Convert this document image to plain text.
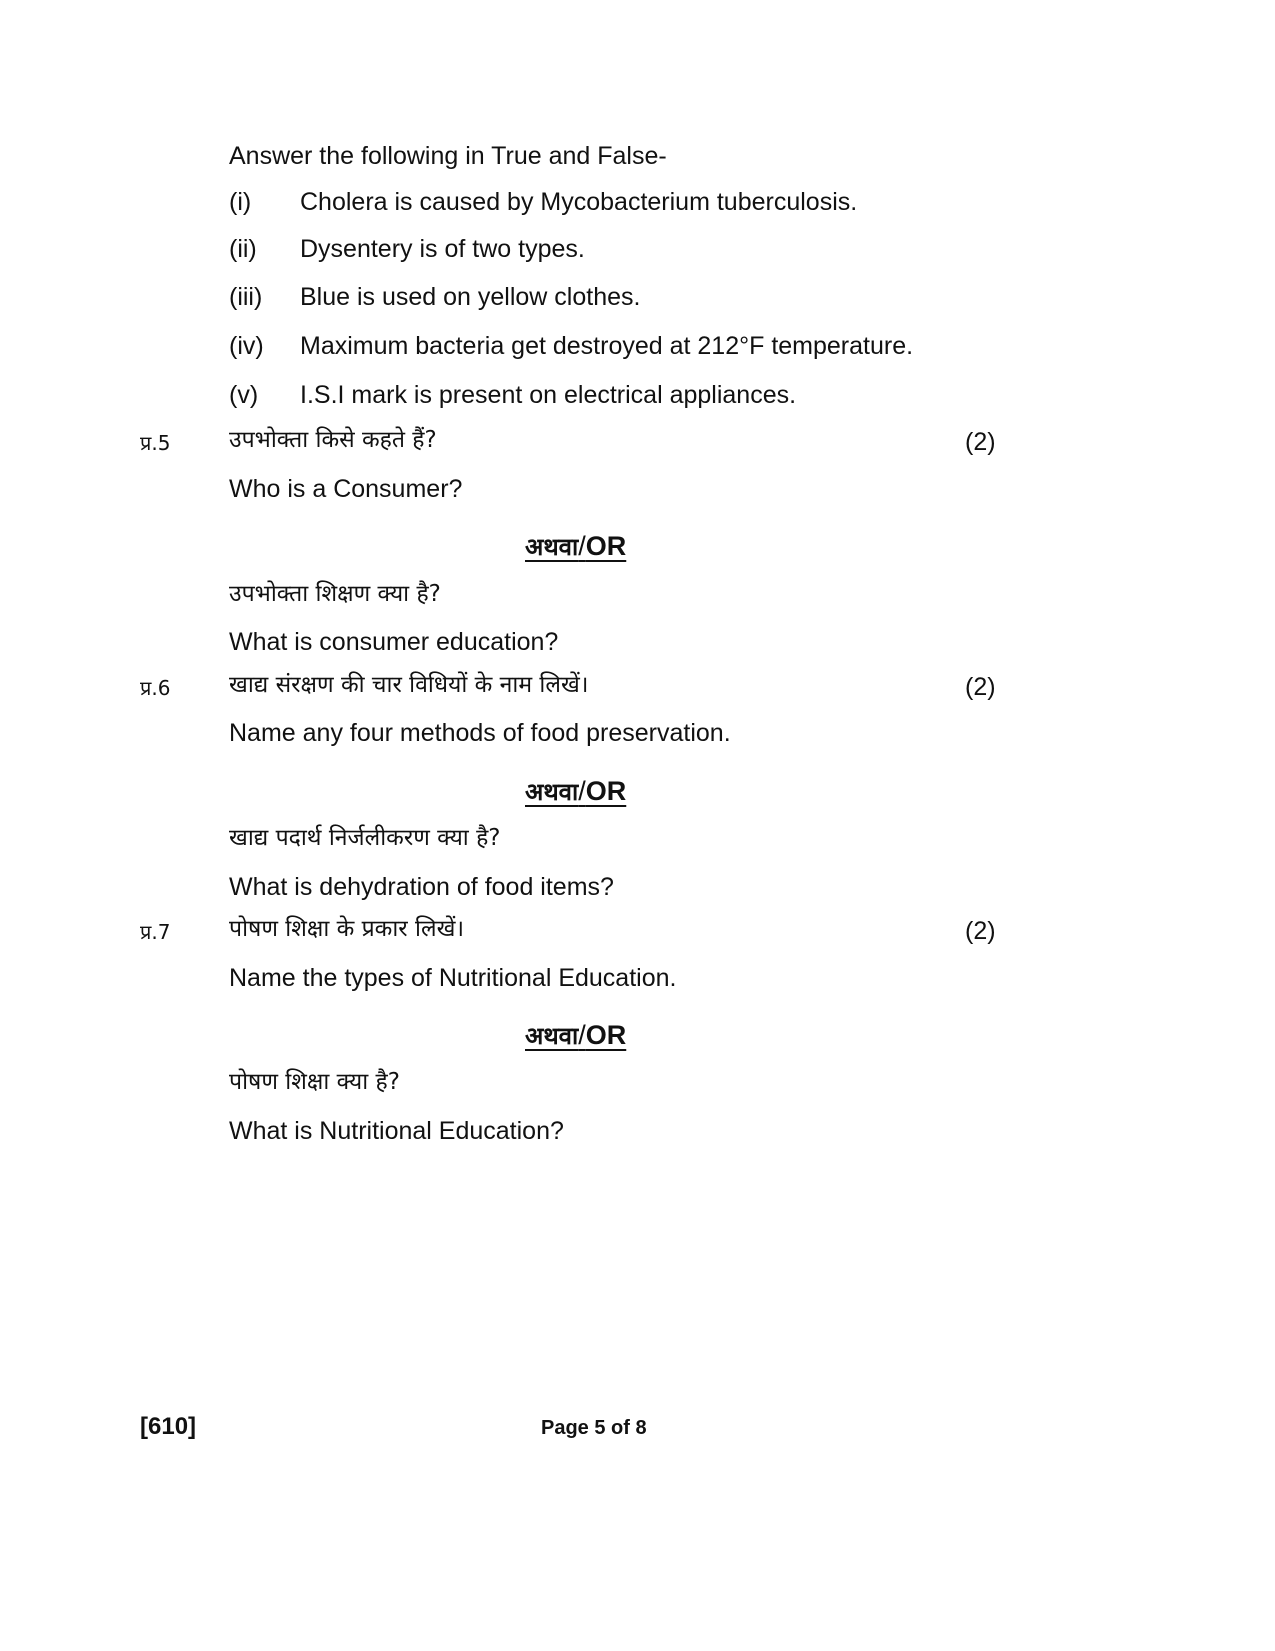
Answer the following in True and False-
(i) Cholera is caused by Mycobacterium tuberculosis.
(ii) Dysentery is of two types.
(iii) Blue is used on yellow clothes.
(iv) Maximum bacteria get destroyed at 212°F temperature.
(v) I.S.I mark is present on electrical appliances.
प्र.5	उपभोक्ता किसे कहते हैं?	(2)
Who is a Consumer?
अथवा/OR
उपभोक्ता शिक्षण क्या है?
What is consumer education?
प्र.6	खाद्य संरक्षण की चार विधियों के नाम लिखें।	(2)
Name any four methods of food preservation.
अथवा/OR
खाद्य पदार्थ निर्जलीकरण क्या है?
What is dehydration of food items?
प्र.7	पोषण शिक्षा के प्रकार लिखें।	(2)
Name the types of Nutritional Education.
अथवा/OR
पोषण शिक्षा क्या है?
What is Nutritional Education?
[610]	Page 5 of 8
